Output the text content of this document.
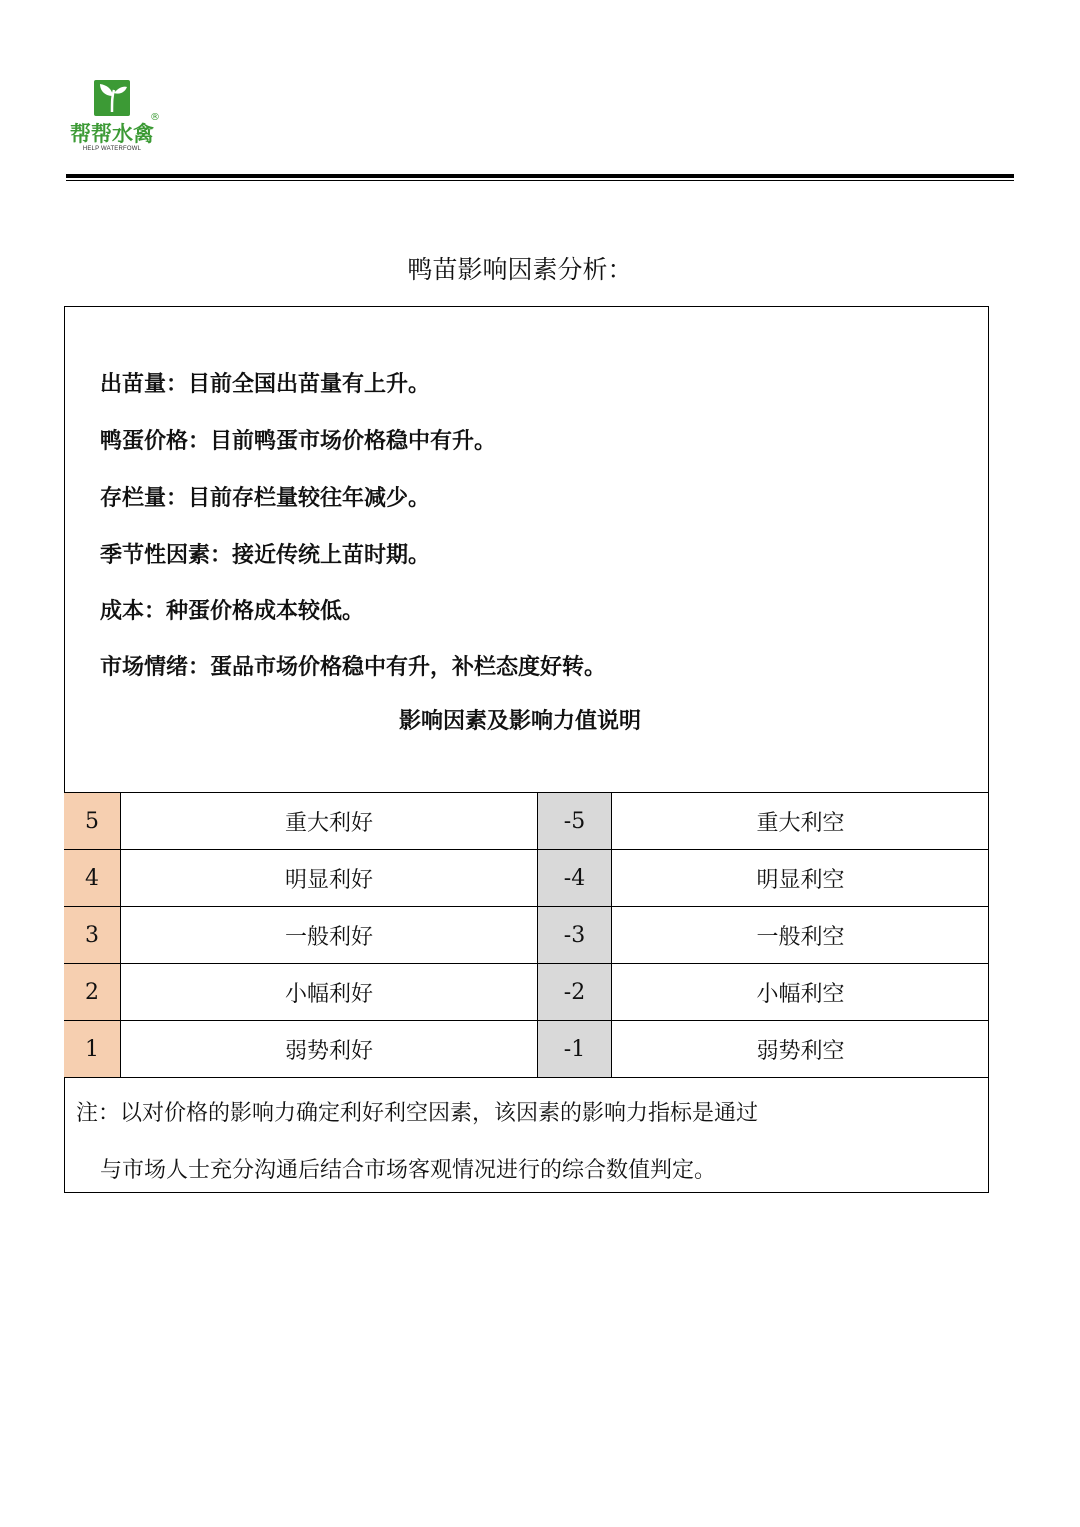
帮帮水禽
®
HELP WATERFOWL
鸭苗影响因素分析：
出苗量：目前全国出苗量有上升。
鸭蛋价格：目前鸭蛋市场价格稳中有升。
存栏量：目前存栏量较往年减少。
季节性因素：接近传统上苗时期。
成本：种蛋价格成本较低。
市场情绪：蛋品市场价格稳中有升，补栏态度好转。
影响因素及影响力值说明
5	重大利好	-5	重大利空
4	明显利好	-4	明显利空
3	一般利好	-3	一般利空
2	小幅利好	-2	小幅利空
1	弱势利好	-1	弱势利空
注：以对价格的影响力确定利好利空因素，该因素的影响力指标是通过
与市场人士充分沟通后结合市场客观情况进行的综合数值判定。
